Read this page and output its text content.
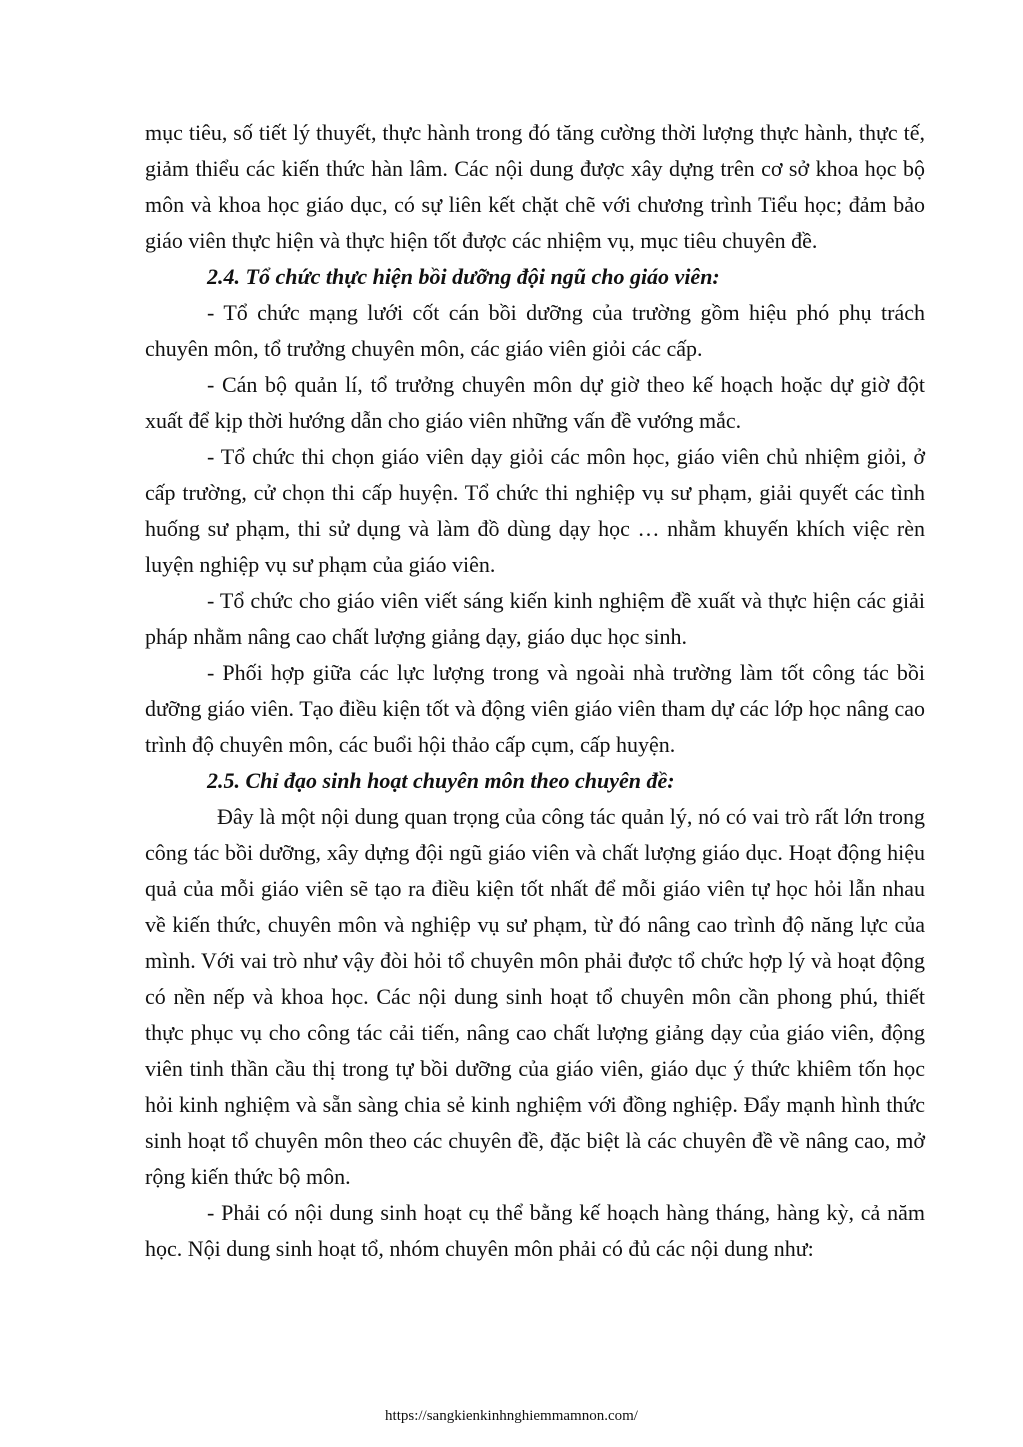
mục tiêu, số tiết lý thuyết, thực hành trong đó tăng cường thời lượng thực hành, thực tế, giảm thiểu các kiến thức hàn lâm. Các nội dung được xây dựng trên cơ sở khoa học bộ môn và khoa học giáo dục, có sự liên kết chặt chẽ với chương trình Tiểu học; đảm bảo giáo viên thực hiện và thực hiện tốt được các nhiệm vụ, mục tiêu chuyên đề.

2.4. Tổ chức thực hiện bồi dưỡng đội ngũ cho giáo viên:

- Tổ chức mạng lưới cốt cán bồi dưỡng của trường gồm hiệu phó phụ trách chuyên môn, tổ trưởng chuyên môn, các giáo viên giỏi các cấp.

- Cán bộ quản lí, tổ trưởng chuyên môn dự giờ theo kế hoạch hoặc dự giờ đột xuất để kịp thời hướng dẫn cho giáo viên những vấn đề vướng mắc.

- Tổ chức thi chọn giáo viên dạy giỏi các môn học, giáo viên chủ nhiệm giỏi, ở cấp trường, cử chọn thi cấp huyện. Tổ chức thi nghiệp vụ sư phạm, giải quyết các tình huống sư phạm, thi sử dụng và làm đồ dùng dạy học … nhằm khuyến khích việc rèn luyện nghiệp vụ sư phạm của giáo viên.

- Tổ chức cho giáo viên viết sáng kiến kinh nghiệm đề xuất và thực hiện các giải pháp nhằm nâng cao chất lượng giảng dạy, giáo dục học sinh.

- Phối hợp giữa các lực lượng trong và ngoài nhà trường làm tốt công tác bồi dưỡng giáo viên. Tạo điều kiện tốt và động viên giáo viên tham dự các lớp học nâng cao trình độ chuyên môn, các buổi hội thảo cấp cụm, cấp huyện.

2.5. Chỉ đạo sinh hoạt chuyên môn theo chuyên đề:

Đây là một nội dung quan trọng của công tác quản lý, nó có vai trò rất lớn trong công tác bồi dưỡng, xây dựng đội ngũ giáo viên và chất lượng giáo dục. Hoạt động hiệu quả của mỗi giáo viên sẽ tạo ra điều kiện tốt nhất để mỗi giáo viên tự học hỏi lẫn nhau về kiến thức, chuyên môn và nghiệp vụ sư phạm, từ đó nâng cao trình độ năng lực của mình. Với vai trò như vậy đòi hỏi tổ chuyên môn phải được tổ chức hợp lý và hoạt động có nền nếp và khoa học. Các nội dung sinh hoạt tổ chuyên môn cần phong phú, thiết thực phục vụ cho công tác cải tiến, nâng cao chất lượng giảng dạy của giáo viên, động viên tinh thần cầu thị trong tự bồi dưỡng của giáo viên, giáo dục ý thức khiêm tốn học hỏi kinh nghiệm và sẵn sàng chia sẻ kinh nghiệm với đồng nghiệp. Đẩy mạnh hình thức sinh hoạt tổ chuyên môn theo các chuyên đề, đặc biệt là các chuyên đề về nâng cao, mở rộng kiến thức bộ môn.

- Phải có nội dung sinh hoạt cụ thể bằng kế hoạch hàng tháng, hàng kỳ, cả năm học. Nội dung sinh hoạt tổ, nhóm chuyên môn phải có đủ các nội dung như:

https://sangkienkinhnghiemmamnon.com/
